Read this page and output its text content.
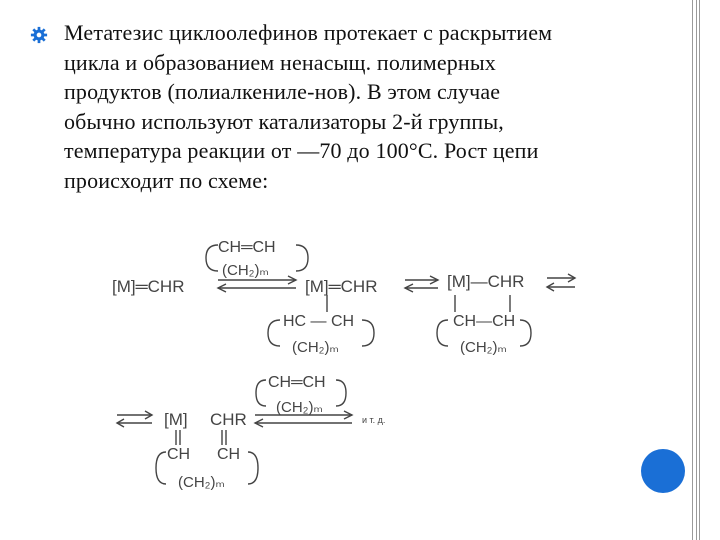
Метатезис циклоолефинов протекает с раскрытием
цикла и образованием ненасыщ. полимерных
продуктов (полиалкениле-нов). В этом случае
обычно используют катализаторы 2-й группы,
температура реакции от —70 до 100°С. Рост цепи
происходит по схеме:
CH═CH
(CH₂)ₘ
[M]═CHR	[M]═CHR
HC — CH
[M]—CHR
CH—CH
(CH₂)ₘ	(CH₂)ₘ
CH═CH
(CH₂)ₘ
и т. д.
[M] CHR
CH CH
(CH₂)ₘ
